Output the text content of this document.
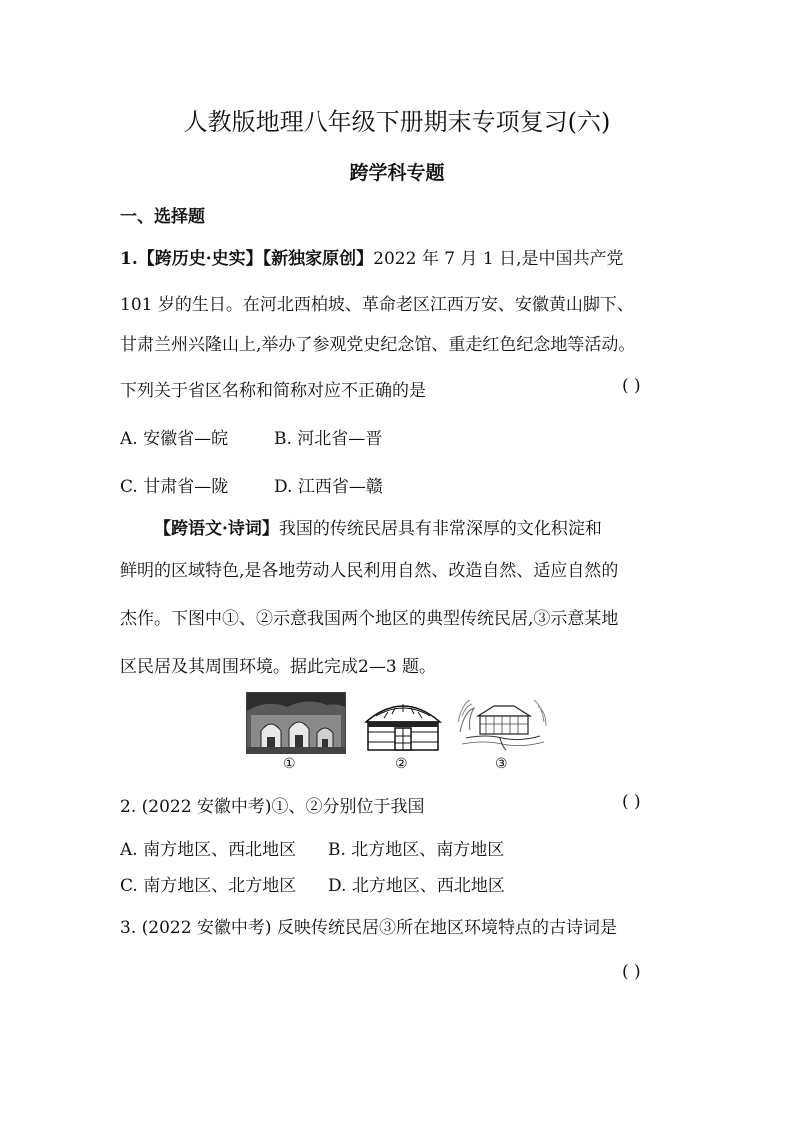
人教版地理八年级下册期末专项复习(六)
跨学科专题
一、选择题
1.【跨历史·史实】【新独家原创】2022 年 7 月 1 日,是中国共产党
101 岁的生日。在河北西柏坡、革命老区江西万安、安徽黄山脚下、
甘肃兰州兴隆山上,举办了参观党史纪念馆、重走红色纪念地等活动。
下列关于省区名称和简称对应不正确的是	( )
A. 安徽省—皖	B. 河北省—晋
C. 甘肃省—陇	D. 江西省—赣
【跨语文·诗词】我国的传统民居具有非常深厚的文化积淀和
鲜明的区域特色,是各地劳动人民利用自然、改造自然、适应自然的
杰作。下图中①、②示意我国两个地区的典型传统民居,③示意某地
区民居及其周围环境。据此完成2—3 题。
①	②	③
2. (2022 安徽中考)①、②分别位于我国	( )
A. 南方地区、西北地区 B. 北方地区、南方地区
C. 南方地区、北方地区 D. 北方地区、西北地区
3. (2022 安徽中考) 反映传统民居③所在地区环境特点的古诗词是
( )
